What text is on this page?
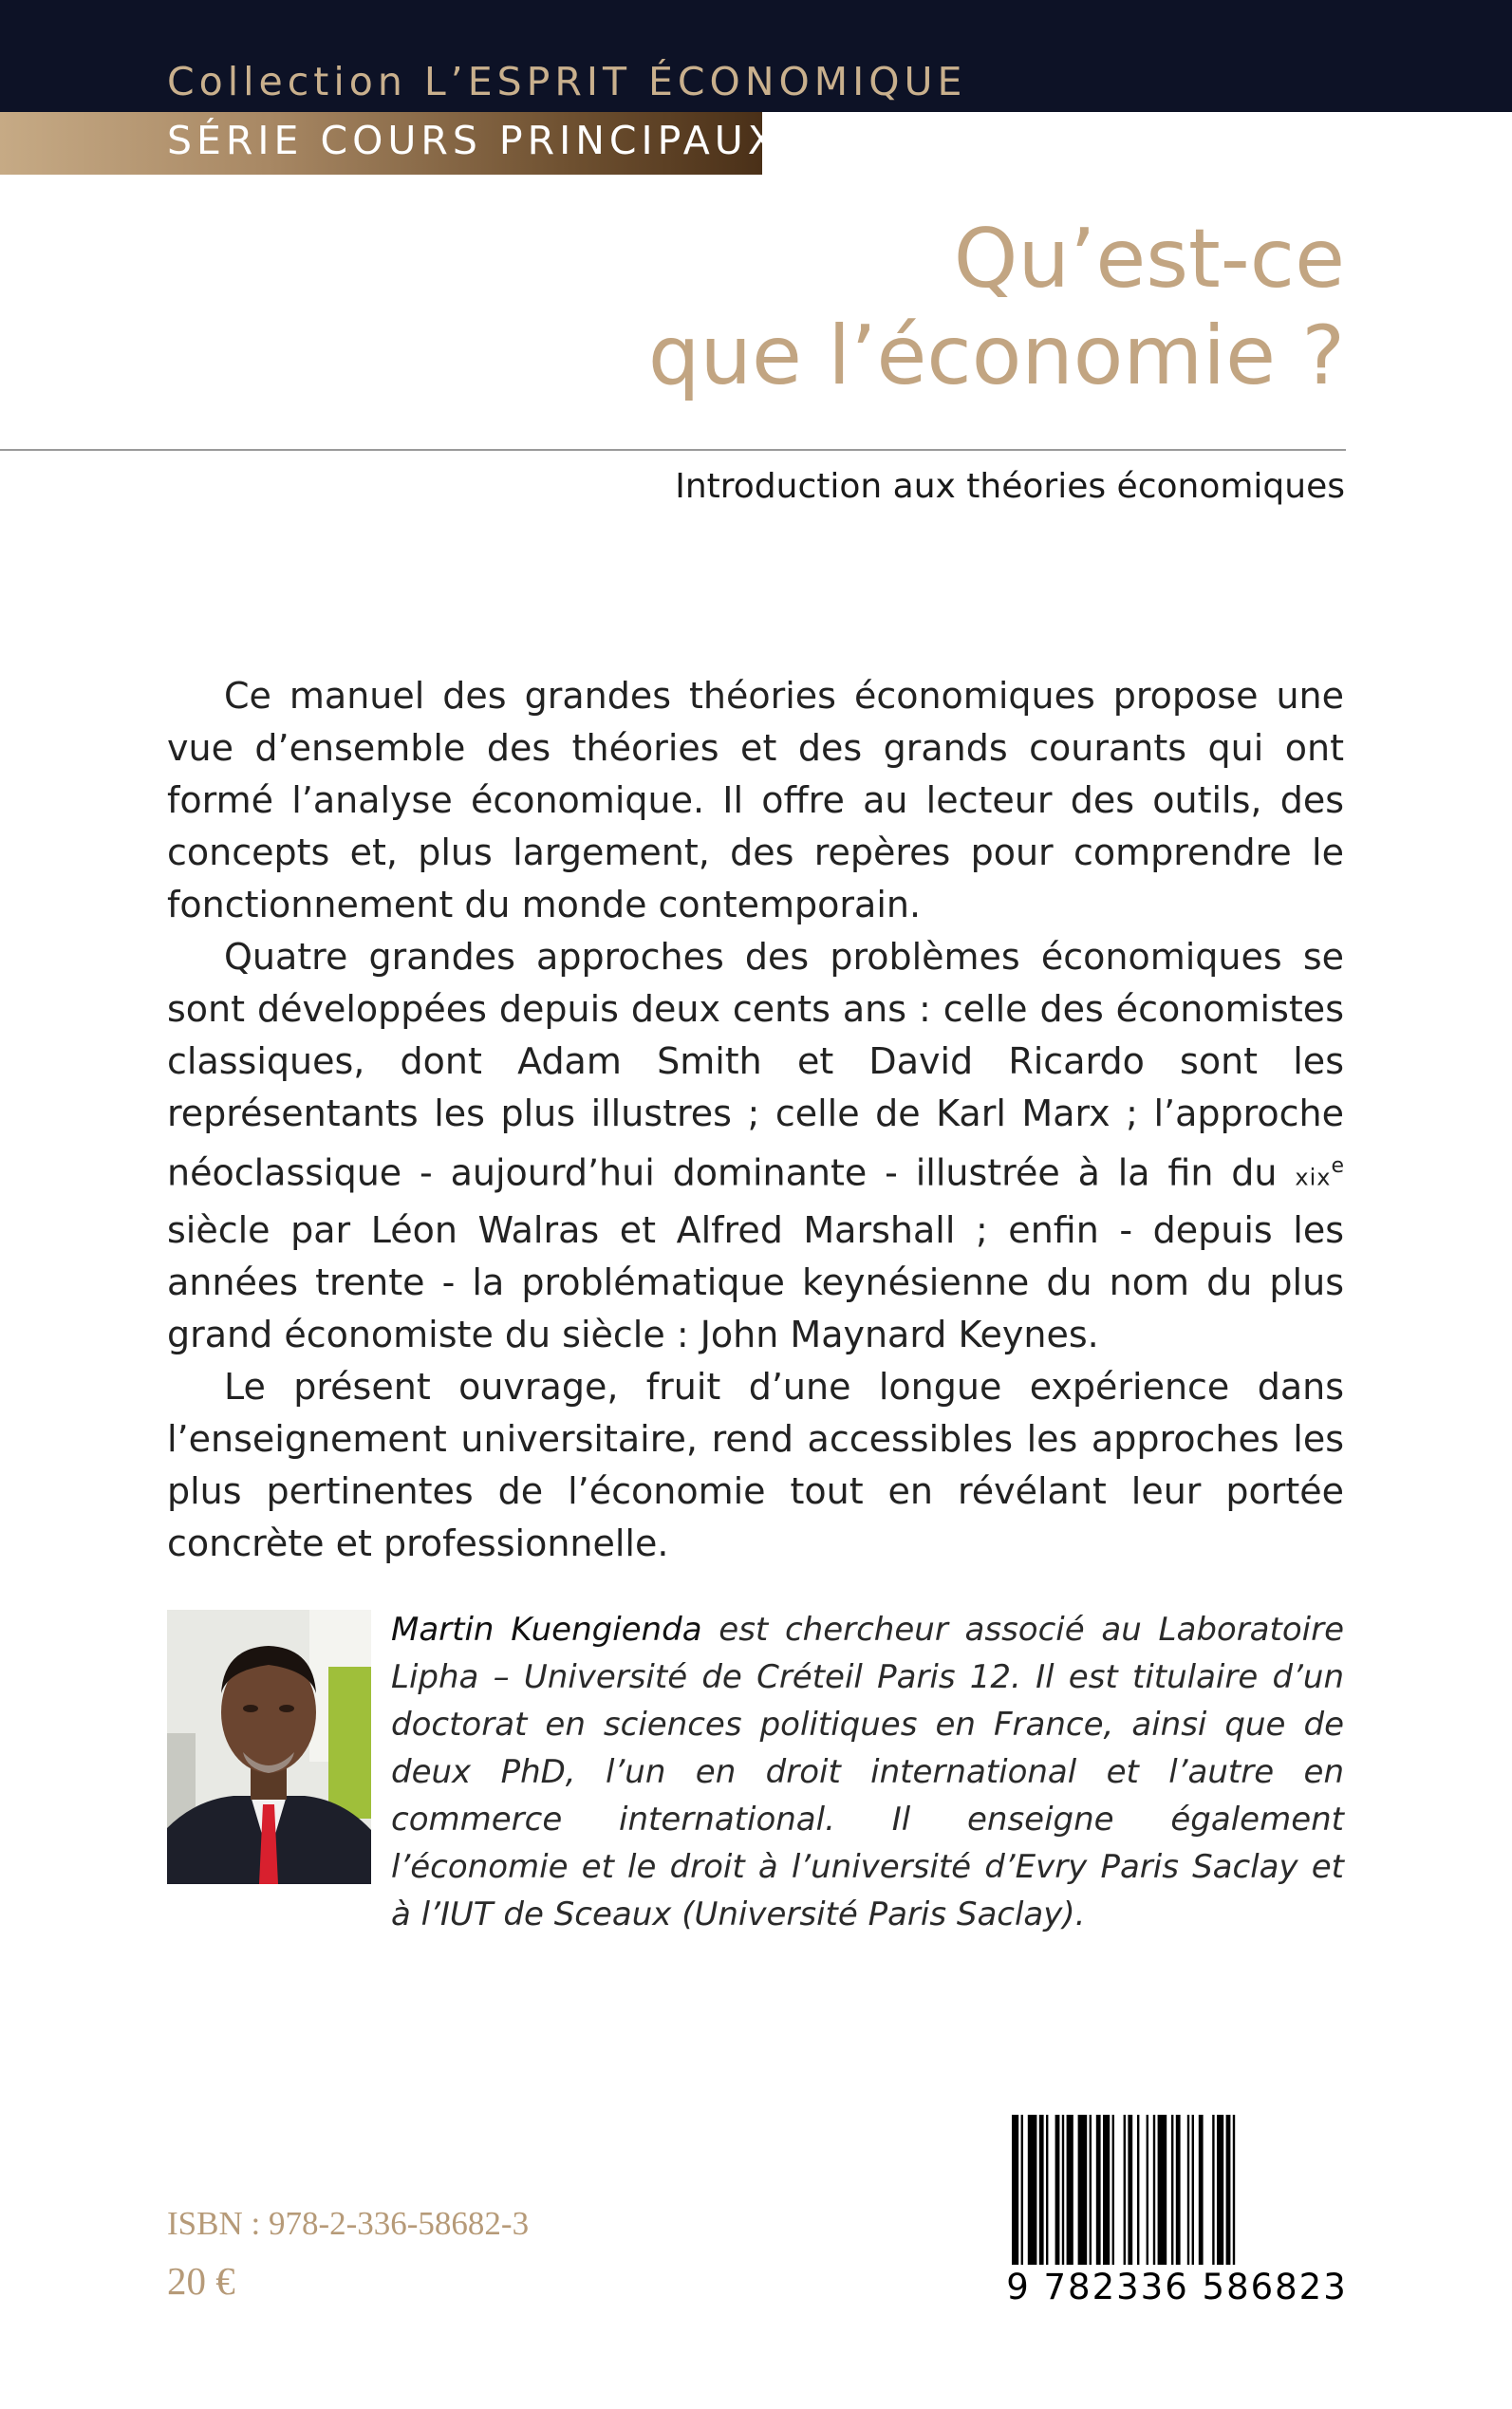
Collection L’ESPRIT ÉCONOMIQUE
SÉRIE COURS PRINCIPAUX
Qu’est-ce
que l’économie ?
Introduction aux théories économiques

Ce manuel des grandes théories économiques propose une vue d’ensemble des théories et des grands courants qui ont formé l’analyse économique. Il offre au lecteur des outils, des concepts et, plus largement, des repères pour comprendre le fonctionnement du monde contemporain.

Quatre grandes approches des problèmes économiques se sont développées depuis deux cents ans : celle des économistes classiques, dont Adam Smith et David Ricardo sont les représentants les plus illustres ; celle de Karl Marx ; l’approche néoclassique - aujourd’hui dominante - illustrée à la fin du xix$^e$ siècle par Léon Walras et Alfred Marshall ; enfin - depuis les années trente - la problématique keynésienne du nom du plus grand économiste du siècle : John Maynard Keynes.

Le présent ouvrage, fruit d’une longue expérience dans l’enseignement universitaire, rend accessibles les approches les plus pertinentes de l’économie tout en révélant leur portée concrète et professionnelle.

Martin Kuengienda est chercheur associé au Laboratoire Lipha – Université de Créteil Paris 12. Il est titulaire d’un doctorat en sciences politiques en France, ainsi que de deux PhD, l’un en droit international et l’autre en commerce international. Il enseigne également l’économie et le droit à l’université d’Evry Paris Saclay et à l’IUT de Sceaux (Université Paris Saclay).
ISBN : 978-2-336-58682-3
20 €	9 782336 586823
